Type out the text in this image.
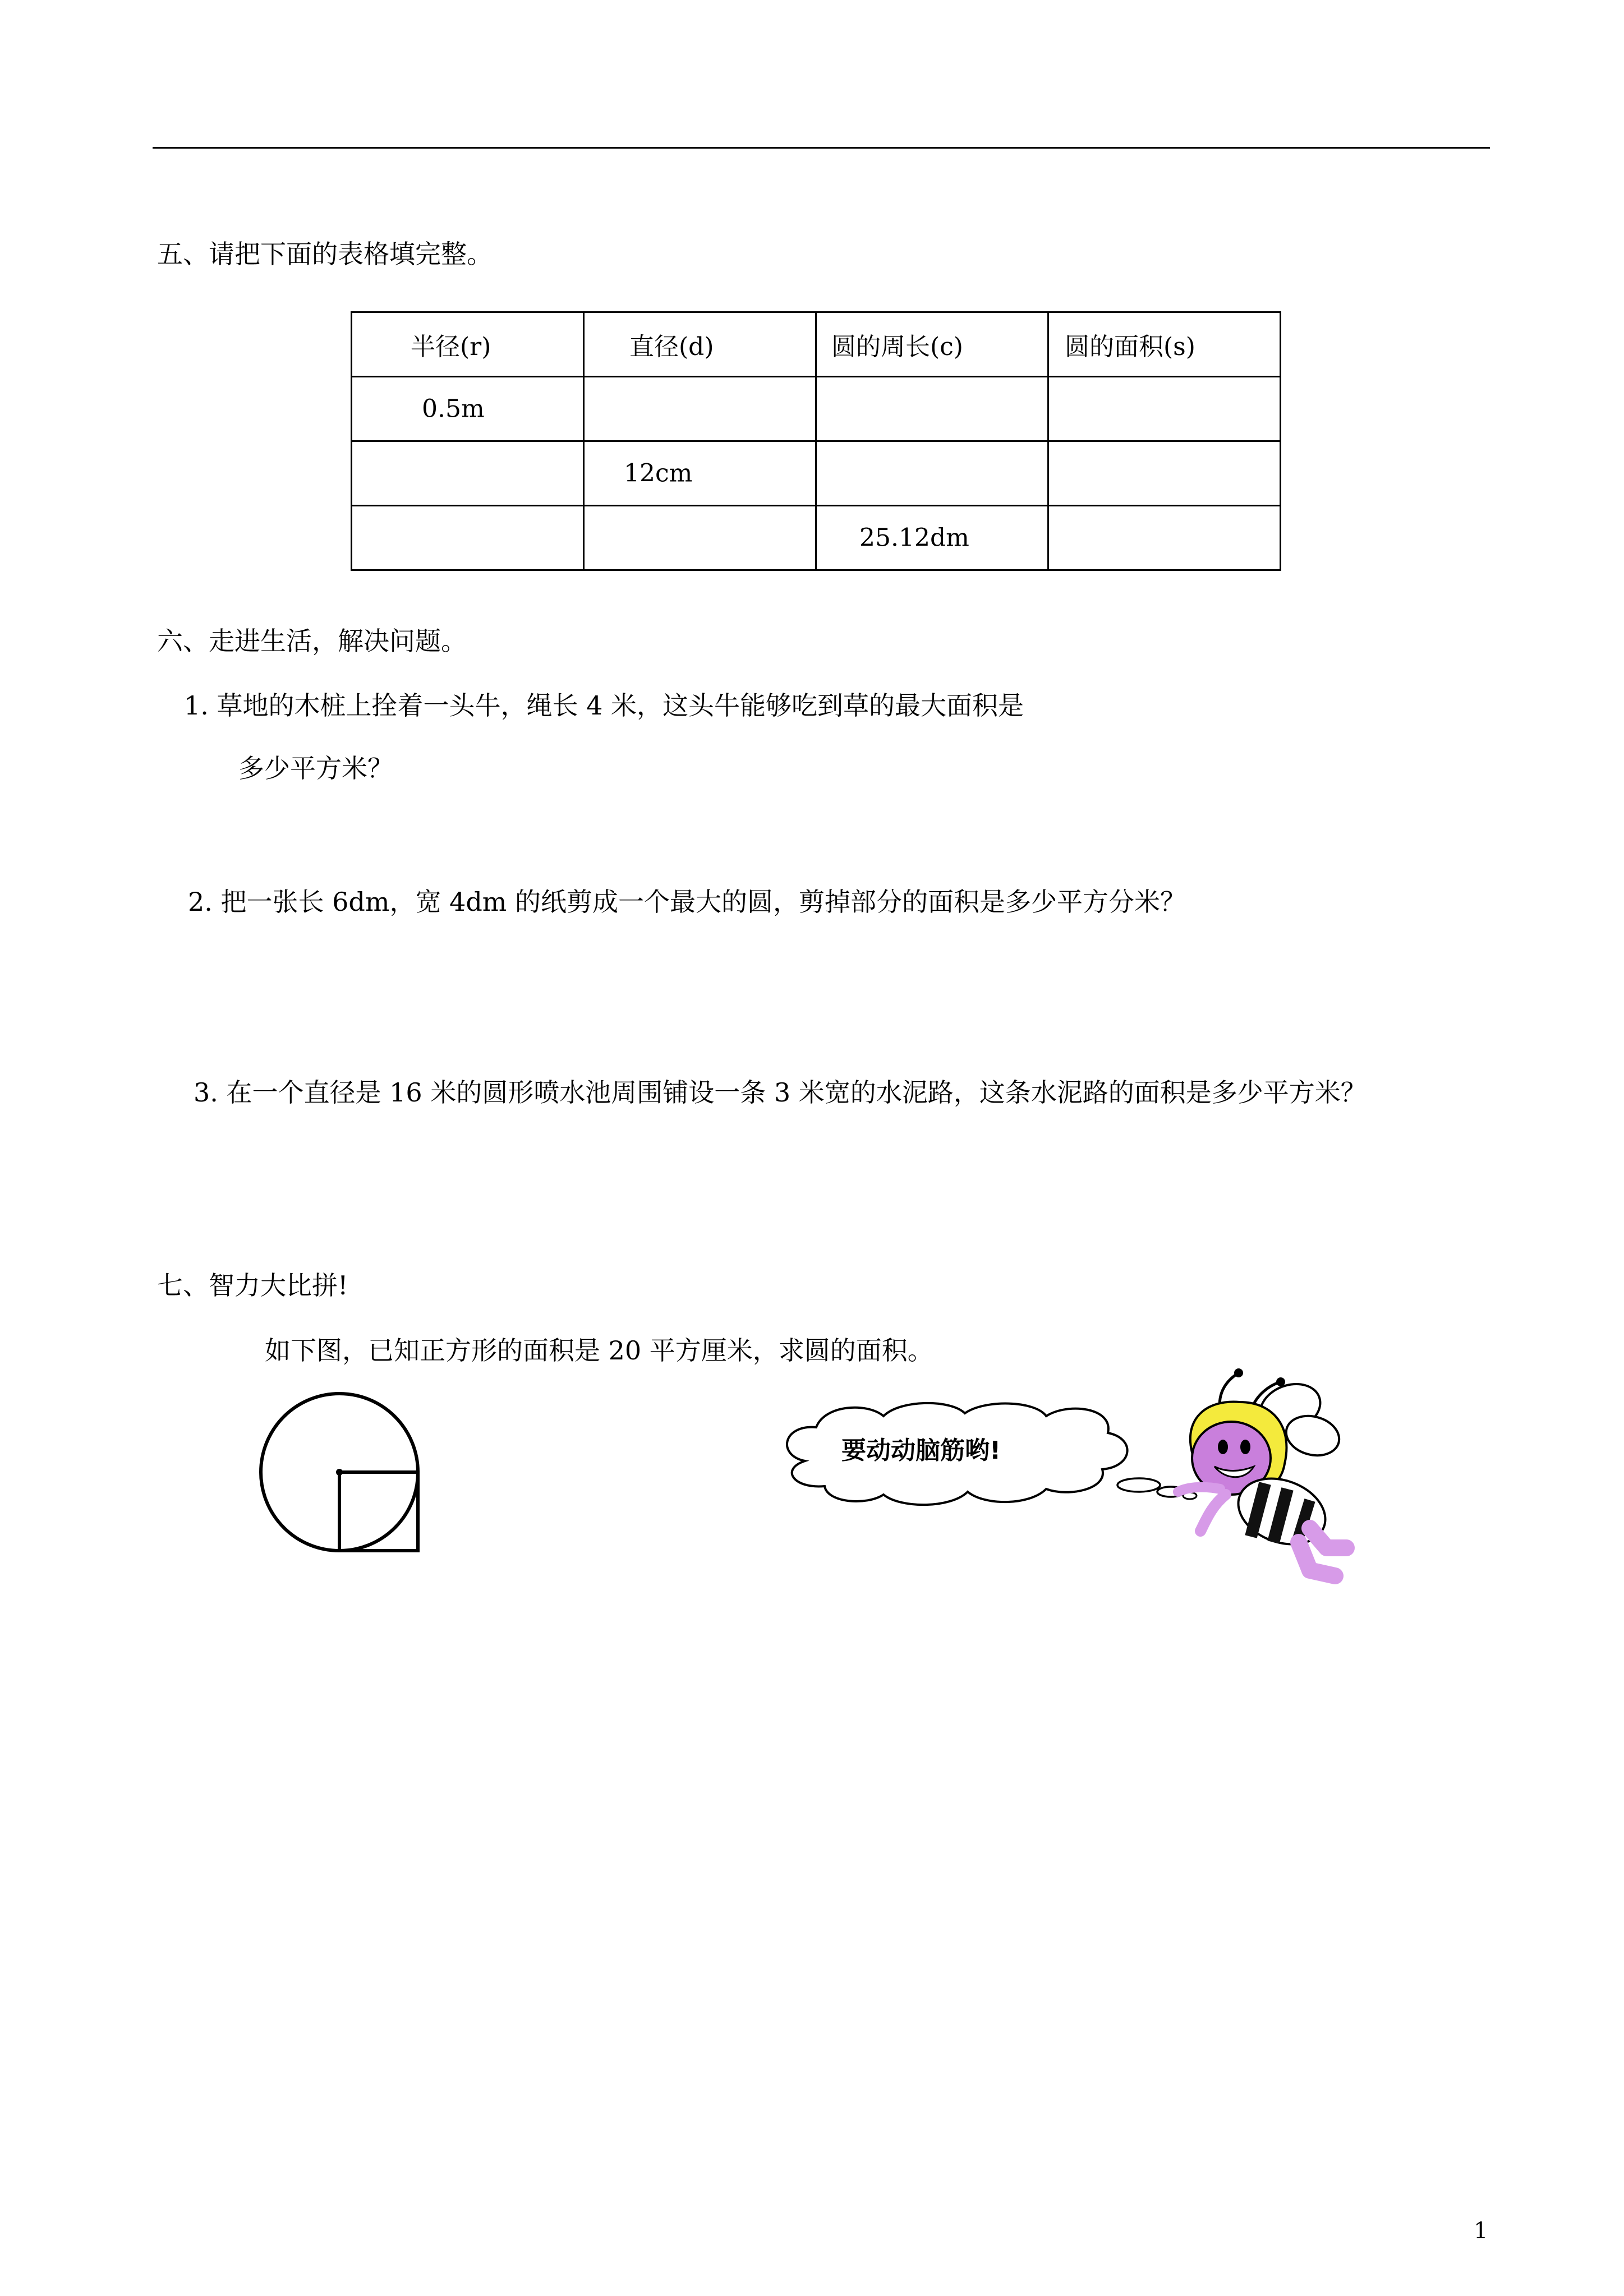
五、请把下面的表格填完整。
半径(r)	直径(d)	圆的周长(c)	圆的面积(s)

0.5m			

	12cm		

		25.12dm	

六、走进生活，解决问题。
1. 草地的木桩上拴着一头牛，绳长 4 米，这头牛能够吃到草的最大面积是
多少平方米？
2. 把一张长 6dm，宽 4dm 的纸剪成一个最大的圆，剪掉部分的面积是多少平方分米？
3. 在一个直径是 16 米的圆形喷水池周围铺设一条 3 米宽的水泥路，这条水泥路的面积是多少平方米？
七、智力大比拼!
如下图，已知正方形的面积是 20 平方厘米，求圆的面积。
要动动脑筋哟!
1
